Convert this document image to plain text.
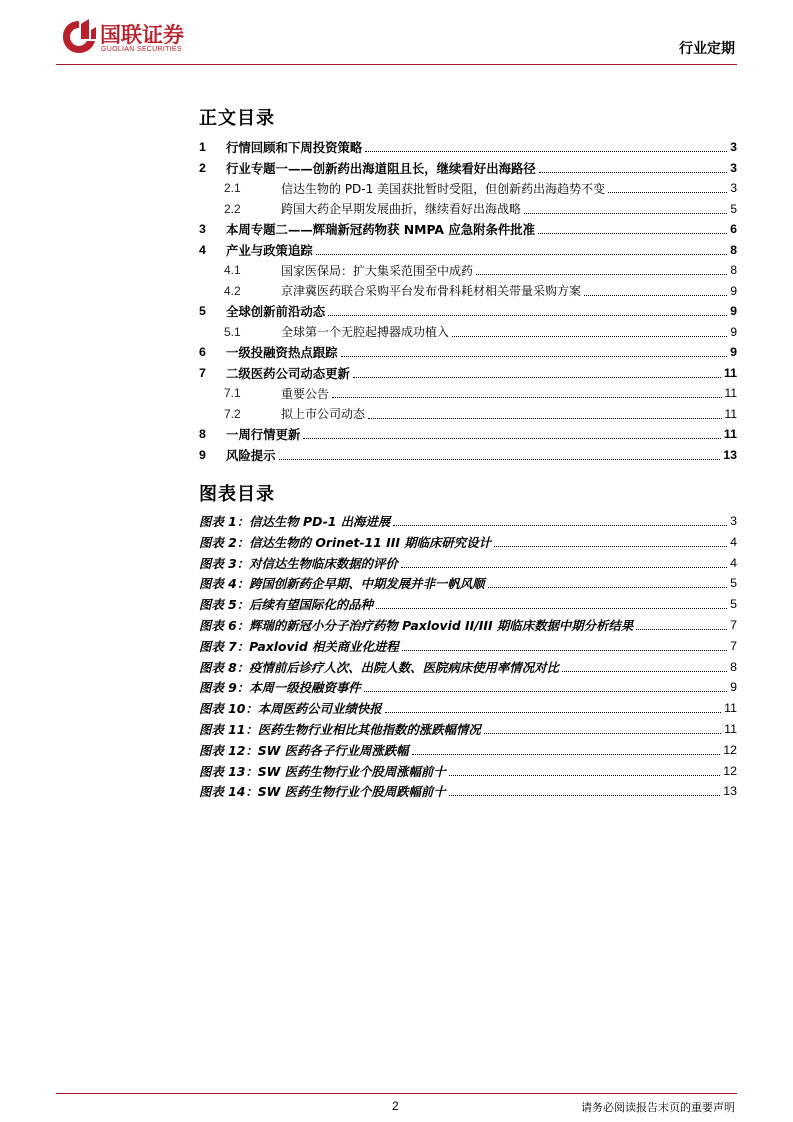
国联证券
GUOLIAN SECURITIES	行业定期
正文目录
1	行情回顾和下周投资策略	3
2	行业专题一——创新药出海道阻且长，继续看好出海路径	3
2.1	信达生物的 PD-1 美国获批暂时受阻，但创新药出海趋势不变	3
2.2	跨国大药企早期发展曲折，继续看好出海战略	5
3	本周专题二——辉瑞新冠药物获 NMPA 应急附条件批准	6
4	产业与政策追踪	8
4.1	国家医保局：扩大集采范围至中成药	8
4.2	京津冀医药联合采购平台发布骨科耗材相关带量采购方案	9
5	全球创新前沿动态	9
5.1	全球第一个无腔起搏器成功植入	9
6	一级投融资热点跟踪	9
7	二级医药公司动态更新	11
7.1	重要公告	11
7.2	拟上市公司动态	11
8	一周行情更新	11
9	风险提示	13
图表目录
图表 1：信达生物 PD-1 出海进展	3
图表 2：信达生物的 Orinet-11 III 期临床研究设计	4
图表 3：对信达生物临床数据的评价	4
图表 4：跨国创新药企早期、中期发展并非一帆风顺	5
图表 5：后续有望国际化的品种	5
图表 6：辉瑞的新冠小分子治疗药物 Paxlovid II/III 期临床数据中期分析结果	7
图表 7：Paxlovid 相关商业化进程	7
图表 8：疫情前后诊疗人次、出院人数、医院病床使用率情况对比	8
图表 9：本周一级投融资事件	9
图表 10：本周医药公司业绩快报	11
图表 11：医药生物行业相比其他指数的涨跌幅情况	11
图表 12：SW 医药各子行业周涨跌幅	12
图表 13：SW 医药生物行业个股周涨幅前十	12
图表 14：SW 医药生物行业个股周跌幅前十	13
2	请务必阅读报告末页的重要声明
